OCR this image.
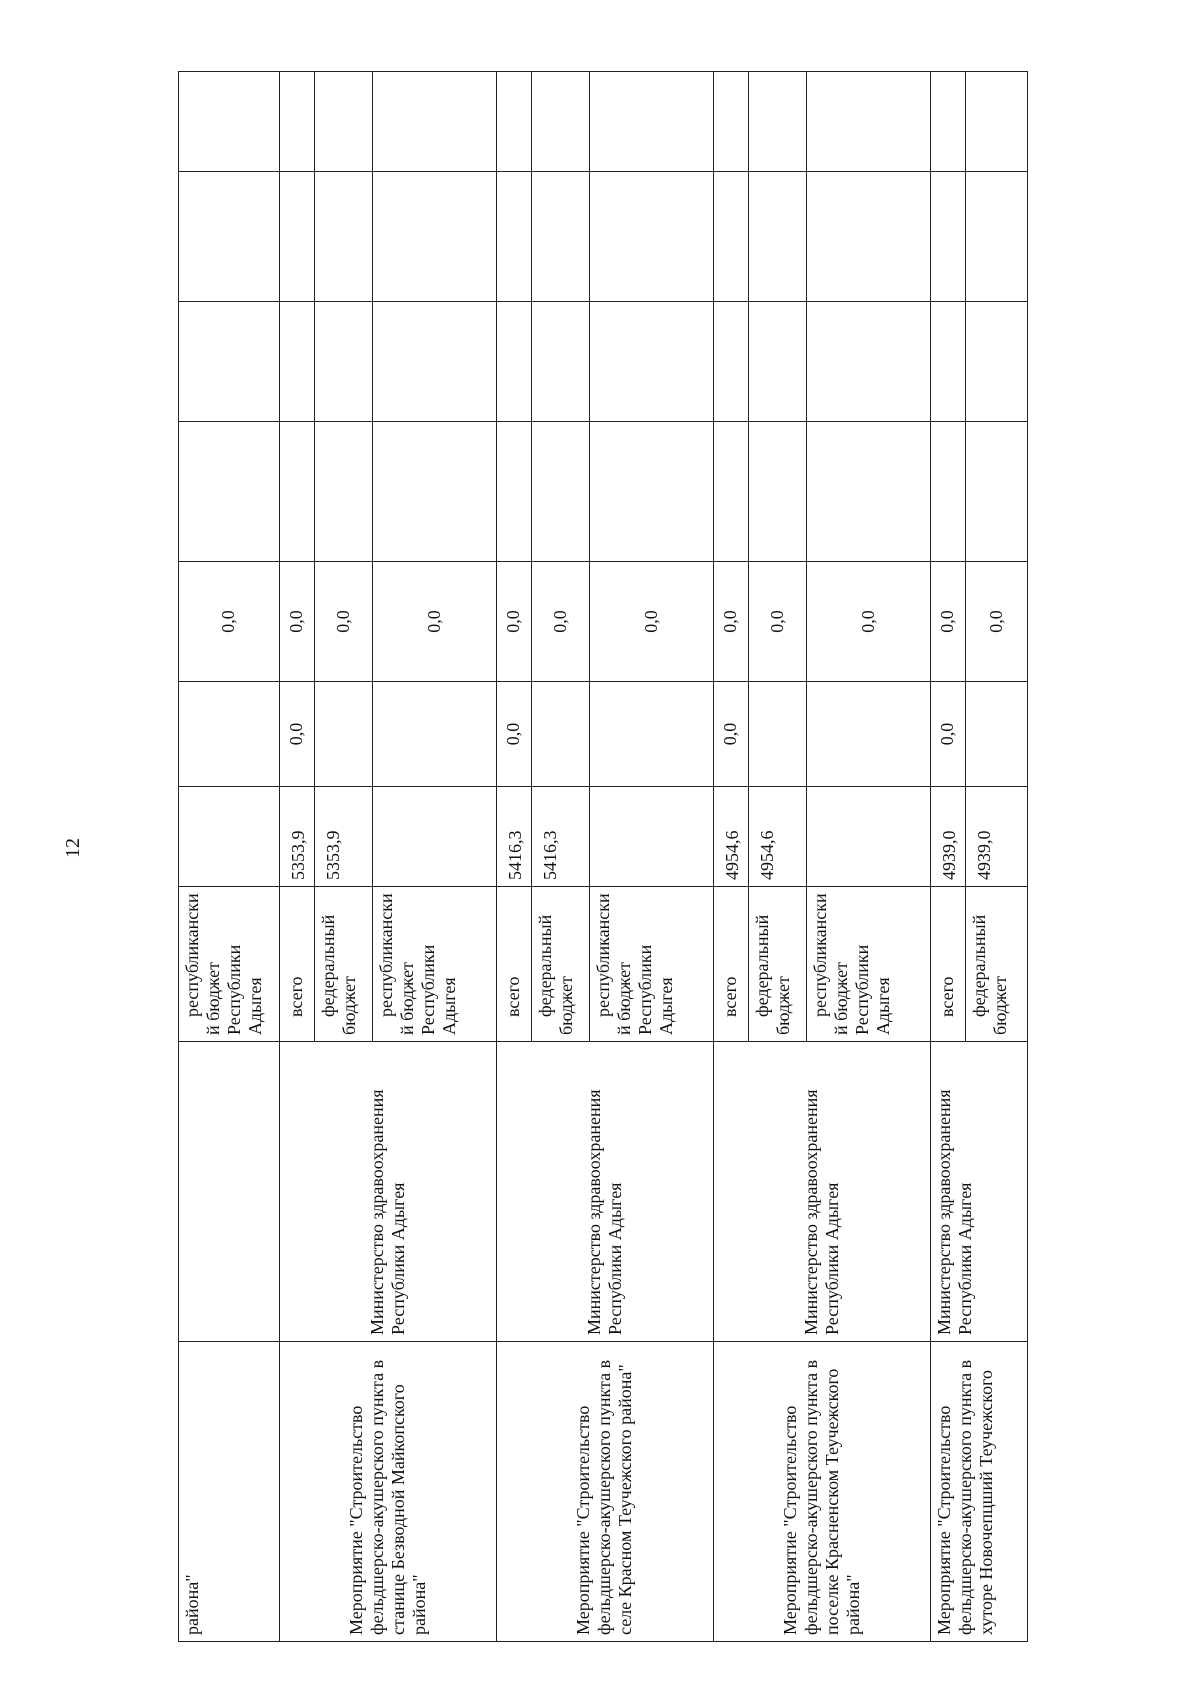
12
района"		республиканский бюджет Республики Адыгея			0,0				
Мероприятие "Строительство фельдшерско-акушерского пункта в станице Безводной Майкопского района"	Министерство здравоохранения Республики Адыгея	всего	5353,9	0,0	0,0				
		федеральный бюджет	5353,9		0,0				
		республиканский бюджет Республики Адыгея			0,0				
Мероприятие "Строительство фельдшерско-акушерского пункта в селе Красном Теучежского района"	Министерство здравоохранения Республики Адыгея	всего	5416,3	0,0	0,0				
		федеральный бюджет	5416,3		0,0				
		республиканский бюджет Республики Адыгея			0,0				
Мероприятие "Строительство фельдшерско-акушерского пункта в поселке Красненском Теучежского района"	Министерство здравоохранения Республики Адыгея	всего	4954,6	0,0	0,0				
		федеральный бюджет	4954,6		0,0				
		республиканский бюджет Республики Адыгея			0,0				
Мероприятие "Строительство фельдшерско-акушерского пункта в хуторе Новочепцший Теучежского	Министерство здравоохранения Республики Адыгея	всего	4939,0	0,0	0,0				
		федеральный бюджет	4939,0		0,0				
